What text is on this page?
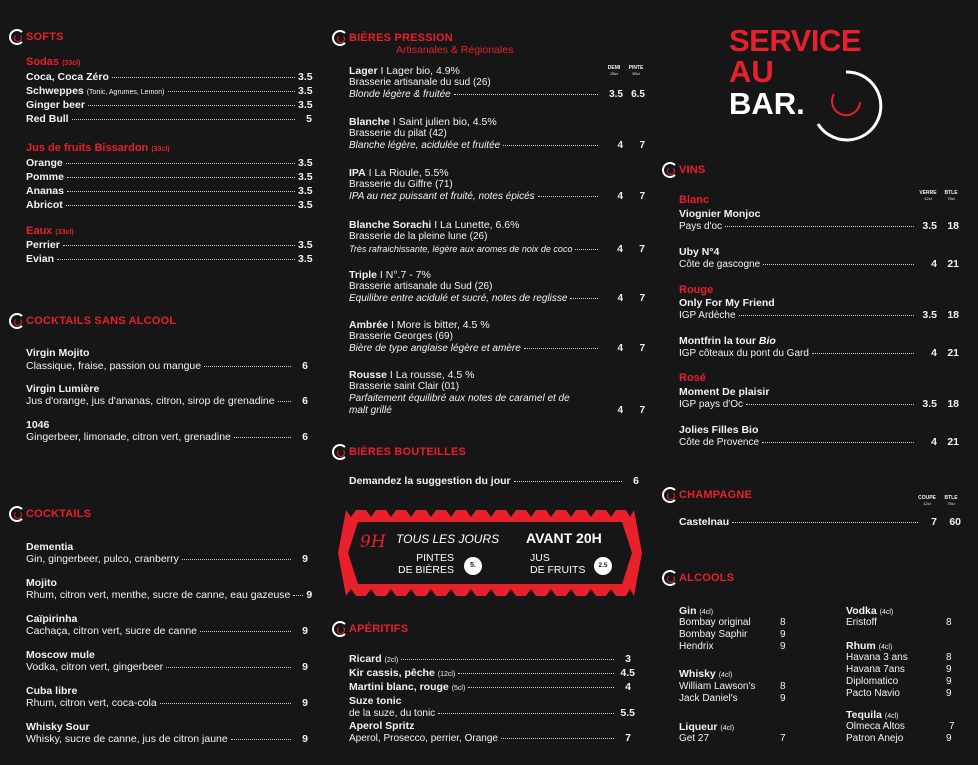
SOFTS
Sodas (33cl)
Coca, Coca Zéro	3.5
Schweppes
(Tonic, Agrumes, Lemon)	3.5
Ginger beer	3.5
Red Bull	5
Jus de fruits Bissardon (33cl)
Orange	3.5
Pomme	3.5
Ananas	3.5
Abricot	3.5
Eaux (33cl)
Perrier	3.5
Evian	3.5
COCKTAILS SANS ALCOOL
Virgin Mojito
Classique, fraise, passion ou mangue	6
Virgin Lumière
Jus d'orange, jus d'ananas, citron, sirop de grenadine	6
1046
Gingerbeer, limonade, citron vert, grenadine	6
COCKTAILS
Dementia
Gin, gingerbeer, pulco, cranberry	9
Mojito
Rhum, citron vert, menthe, sucre de canne, eau gazeuse 9
Caïpirinha
Cachaça, citron vert, sucre de canne	9
Moscow mule
Vodka, citron vert, gingerbeer	9
Cuba libre
Rhum, citron vert, coca-cola	9
Whisky Sour
Whisky, sucre de canne, jus de citron jaune	9
BIÈRES PRESSION
Artisanales & Régionales
DEMI
25cl
PINTE
50cl
Lager I Lager bio, 4.9%
Brasserie artisanale du sud (26)
Blonde légère & fruitée	3.5 6.5
Blanche I Saint julien bio, 4.5%
Brasserie du pilat (42)
Blanche légère, acidulée et fruitée	4	7
IPA I La Rioule, 5.5%
Brasserie du Giffre (71)
IPA au nez puissant et fruité, notes épicés	4	7
Blanche Sorachi I La Lunette, 6.6%
Brasserie de la pleine lune (26)
Très rafraichissante, légère aux aromes de noix de coco	4	7
Triple I N°.7 - 7%
Brasserie artisanale du Sud (26)
Equilibre entre acidulé et sucré, notes de reglisse	4	7
Ambrée I More is bitter, 4.5 %
Brasserie Georges (69)
Bière de type anglaise légère et amère	4	7
Rousse I La rousse, 4.5 %
Brasserie saint Clair (01)
Parfaitement équilibré aux notes de caramel et de
malt grillé	4	7
BIÈRES BOUTEILLES
Demandez la suggestion du jour	6
9H TOUS LES JOURS AVANT 20H
PINTES
DE BIÈRES	5.
JUS
DE FRUITS	2.5
APÉRITIFS
Ricard
(2cl)	3
Kir cassis, pêche
(12cl)	4.5
Martini blanc, rouge
(5cl)	4
Suze tonic
de la suze, du tonic	5.5
Aperol Spritz
Aperol, Prosecco, perrier, Orange	7
SERVICE
AU
BAR.
VINS
VERRE
12cl
BTLE
75cl
Blanc
Viognier Monjoc
Pays d'oc	3.5 18
Uby N°4
Côte de gascogne	4 21
Rouge
Only For My Friend
IGP Ardèche	3.5 18
Montfrin la tour Bio
IGP côteaux du pont du Gard	4 21
Rosé
Moment De plaisir
IGP pays d'Oc	3.5 18
Jolies Filles Bio
Côte de Provence	4 21
CHAMPAGNE	COUPE
12cl
BTLE
75cl
Castelnau	7	60
ALCOOLS
Gin (4cl)
Bombay original	8
Bombay Saphir	9
Hendrix	9
Whisky (4cl)
William Lawson's 8
Jack Daniel's	9
Liqueur (4cl)
Get 27	7
Vodka (4cl)
Eristoff	8
Rhum (4cl)
Havana 3 ans	8
Havana 7ans	9
Diplomatico	9
Pacto Navio	9
Tequila (4cl)
Olmeca Altos	7
Patron Anejo	9
